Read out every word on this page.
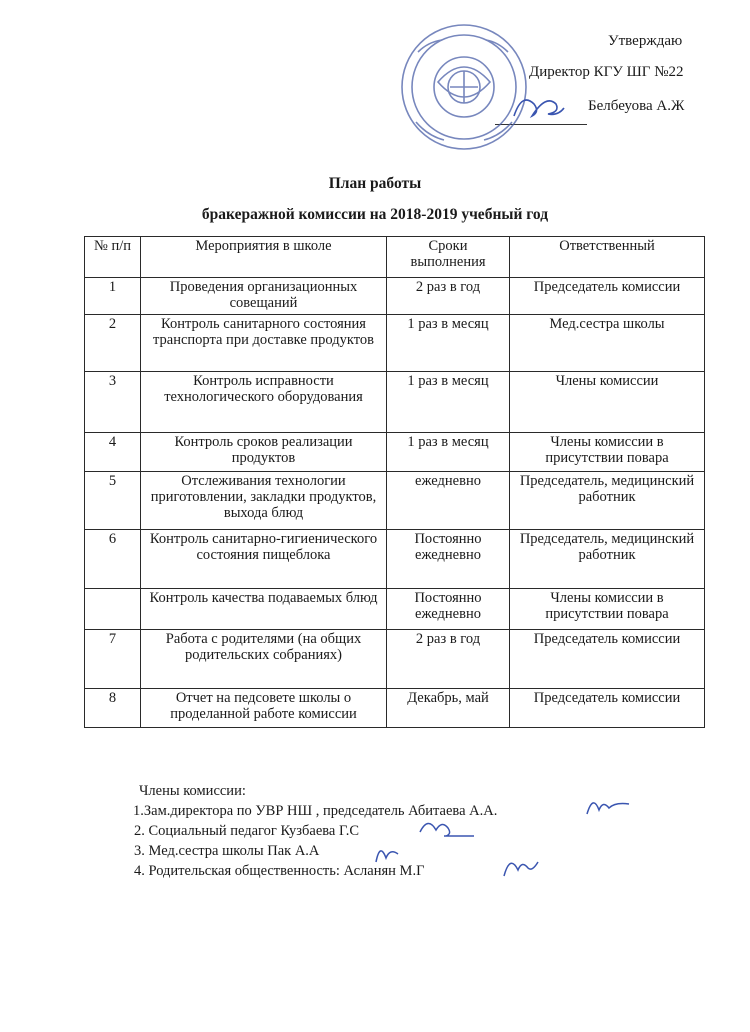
Утверждаю
Директор КГУ ШГ №22
Белбеуова А.Ж
План работы
бракеражной комиссии на 2018-2019 учебный год
№ п/п	Мероприятия в школе	Сроки выполнения	Ответственный
1	Проведения организационных совещаний	2 раз в год	Председатель комиссии
2	Контроль санитарного состояния транспорта при доставке продуктов	1 раз в месяц	Мед.сестра школы
3	Контроль исправности технологического оборудования	1 раз в месяц	Члены комиссии
4	Контроль сроков реализации продуктов	1 раз в месяц	Члены комиссии в присутствии повара
5	Отслеживания технологии приготовлении, закладки продуктов, выхода блюд	ежедневно	Председатель, медицинский работник
6	Контроль санитарно-гигиенического состояния пищеблока	Постоянно ежедневно	Председатель, медицинский работник
	Контроль качества подаваемых блюд	Постоянно ежедневно	Члены комиссии в присутствии повара
7	Работа с родителями (на общих родительских собраниях)	2 раз в год	Председатель комиссии
8	Отчет на педсовете школы о проделанной работе комиссии	Декабрь, май	Председатель комиссии
Члены комиссии:
1.Зам.директора по УВР НШ , председатель Абитаева А.А.
2. Социальный педагог Кузбаева Г.С
3. Мед.сестра школы Пак А.А
4. Родительская общественность: Асланян М.Г
